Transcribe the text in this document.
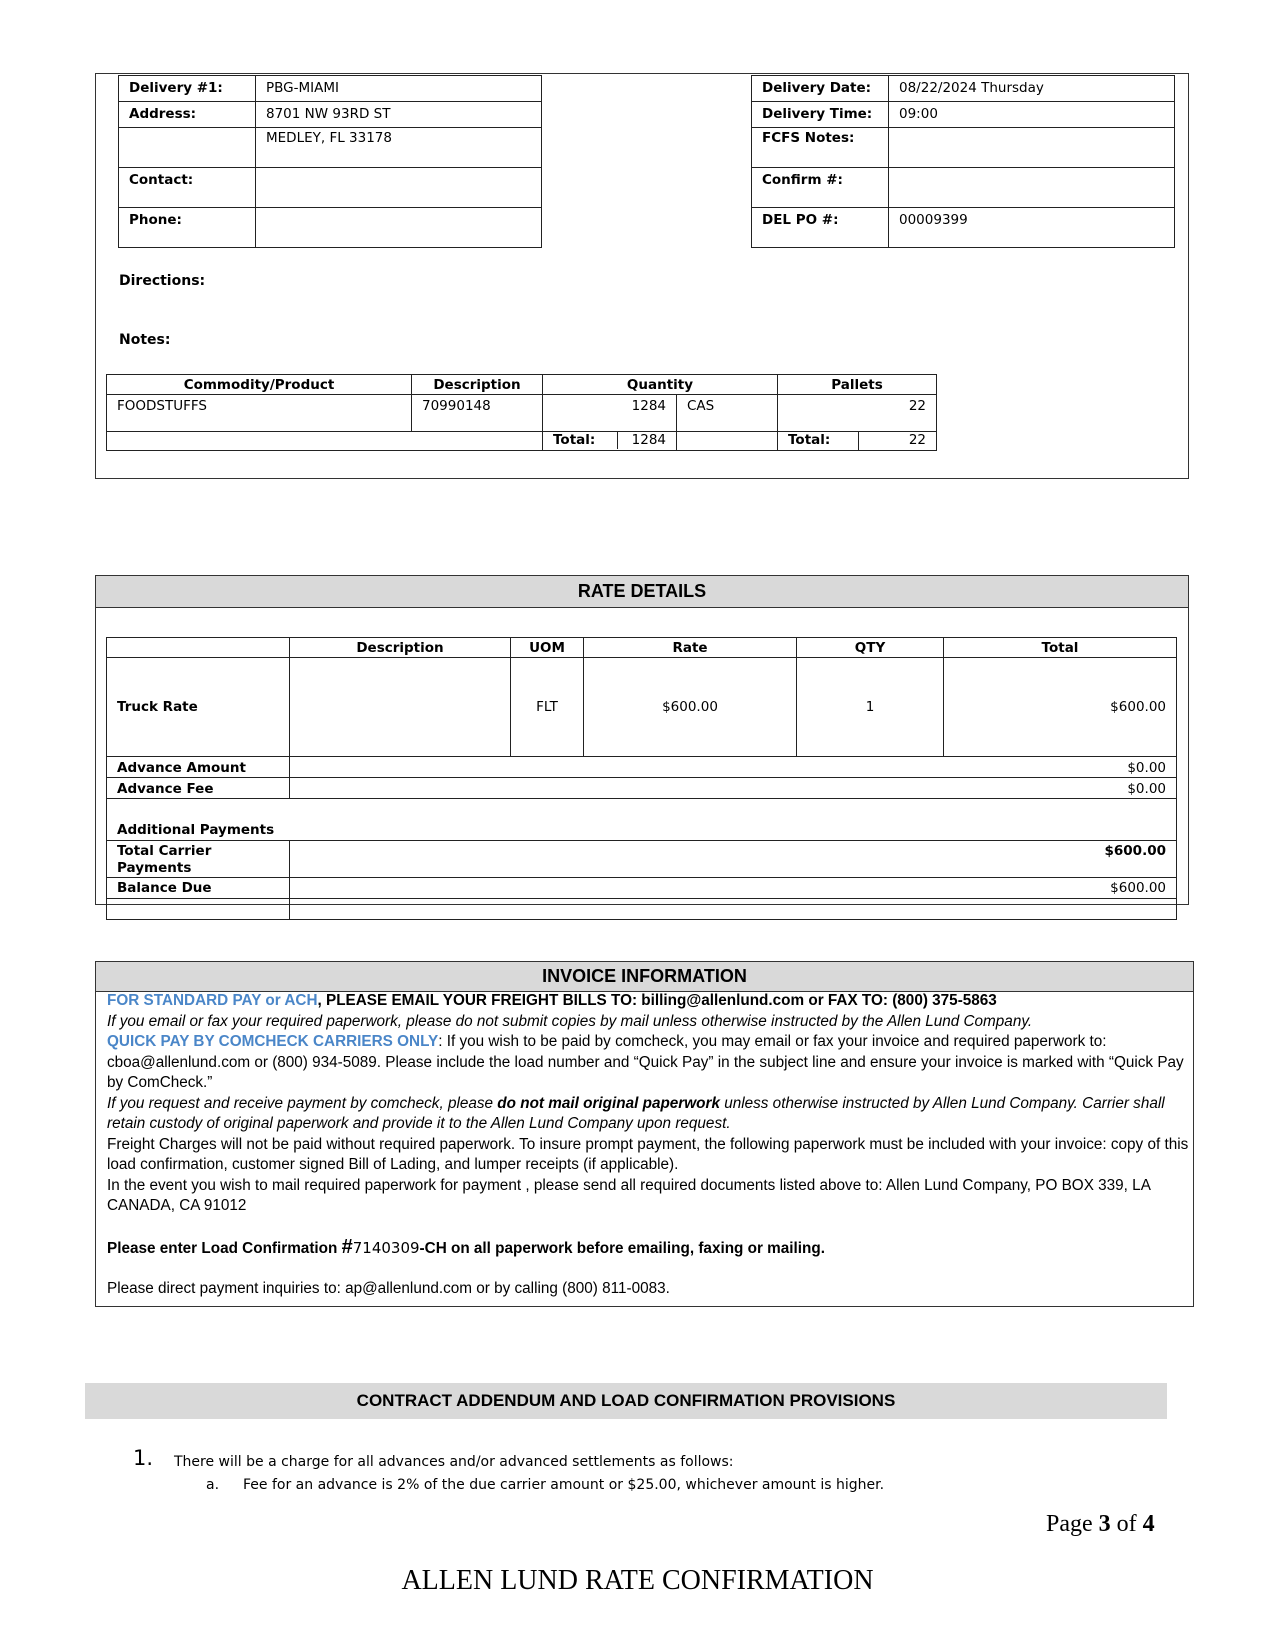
Delivery #1:	PBG-MIAMI
Address:	8701 NW 93RD ST
	MEDLEY, FL 33178
Contact:	
Phone:	
Delivery Date:	08/22/2024 Thursday
Delivery Time:	09:00
FCFS Notes:	
Confirm #:	
DEL PO #:	00009399
Directions:
Notes:
Commodity/Product	Description	Quantity		Pallets	
FOODSTUFFS	70990148	1284	CAS	22	

		Total: 1284		Total:	22
RATE DETAILS
	Description	UOM	Rate	QTY	Total
Truck Rate		FLT	$600.00	1	$600.00
Advance Amount	$0.00				
Advance Fee	$0.00				
Additional Payments					
Total Carrier Payments	$600.00				
Balance Due	$600.00				

INVOICE INFORMATION
FOR STANDARD PAY or ACH, PLEASE EMAIL YOUR FREIGHT BILLS TO: billing@allenlund.com or FAX TO: (800) 375-5863
If you email or fax your required paperwork, please do not submit copies by mail unless otherwise instructed by the Allen Lund Company.
QUICK PAY BY COMCHECK CARRIERS ONLY: If you wish to be paid by comcheck, you may email or fax your invoice and required paperwork to: cboa@allenlund.com or (800) 934-5089. Please include the load number and “Quick Pay” in the subject line and ensure your invoice is marked with “Quick Pay by ComCheck.”
If you request and receive payment by comcheck, please do not mail original paperwork unless otherwise instructed by Allen Lund Company. Carrier shall retain custody of original paperwork and provide it to the Allen Lund Company upon request.
Freight Charges will not be paid without required paperwork. To insure prompt payment, the following paperwork must be included with your invoice: copy of this load confirmation, customer signed Bill of Lading, and lumper receipts (if applicable).
In the event you wish to mail required paperwork for payment , please send all required documents listed above to: Allen Lund Company, PO BOX 339, LA CANADA, CA 91012
Please enter Load Confirmation #7140309-CH on all paperwork before emailing, faxing or mailing.
Please direct payment inquiries to: ap@allenlund.com or by calling (800) 811-0083.
CONTRACT ADDENDUM AND LOAD CONFIRMATION PROVISIONS
1. There will be a charge for all advances and/or advanced settlements as follows:
a. Fee for an advance is 2% of the due carrier amount or $25.00, whichever amount is higher.
Page 3 of 4
ALLEN LUND RATE CONFIRMATION
